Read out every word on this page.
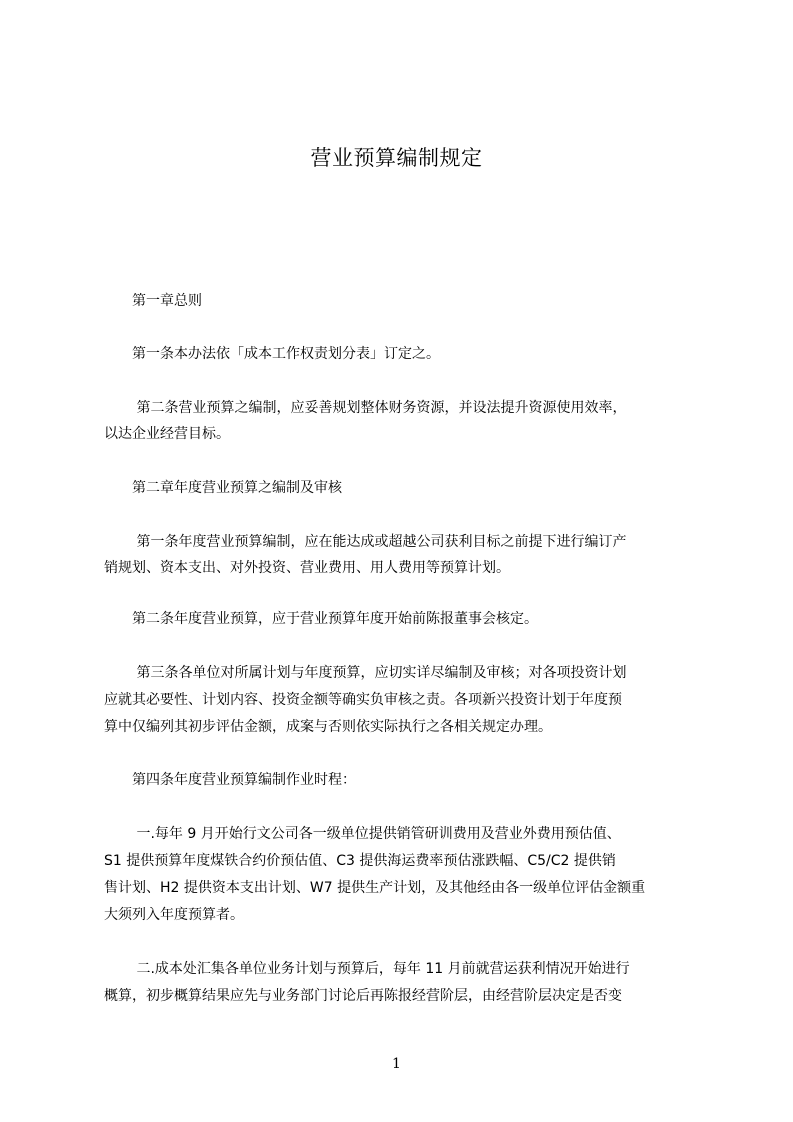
营业预算编制规定
　　第一章总则
　　第一条本办法依「成本工作权责划分表」订定之。
　　 第二条营业预算之编制，应妥善规划整体财务资源，并设法提升资源使用效率，
以达企业经营目标。
　　第二章年度营业预算之编制及审核
　　 第一条年度营业预算编制，应在能达成或超越公司获利目标之前提下进行编订产
销规划、资本支出、对外投资、营业费用、用人费用等预算计划。
　　第二条年度营业预算，应于营业预算年度开始前陈报董事会核定。
　　 第三条各单位对所属计划与年度预算，应切实详尽编制及审核；对各项投资计划
应就其必要性、计划内容、投资金额等确实负审核之责。各项新兴投资计划于年度预
算中仅编列其初步评估金额，成案与否则依实际执行之各相关规定办理。
　　第四条年度营业预算编制作业时程：
　　 一.每年 9 月开始行文公司各一级单位提供销管研训费用及营业外费用预估值、
S1 提供预算年度煤铁合约价预估值、C3 提供海运费率预估涨跌幅、C5/C2 提供销
售计划、H2 提供资本支出计划、W7 提供生产计划，及其他经由各一级单位评估金额重
大须列入年度预算者。
　　 二.成本处汇集各单位业务计划与预算后，每年 11 月前就营运获利情况开始进行
概算，初步概算结果应先与业务部门讨论后再陈报经营阶层，由经营阶层决定是否变
1
